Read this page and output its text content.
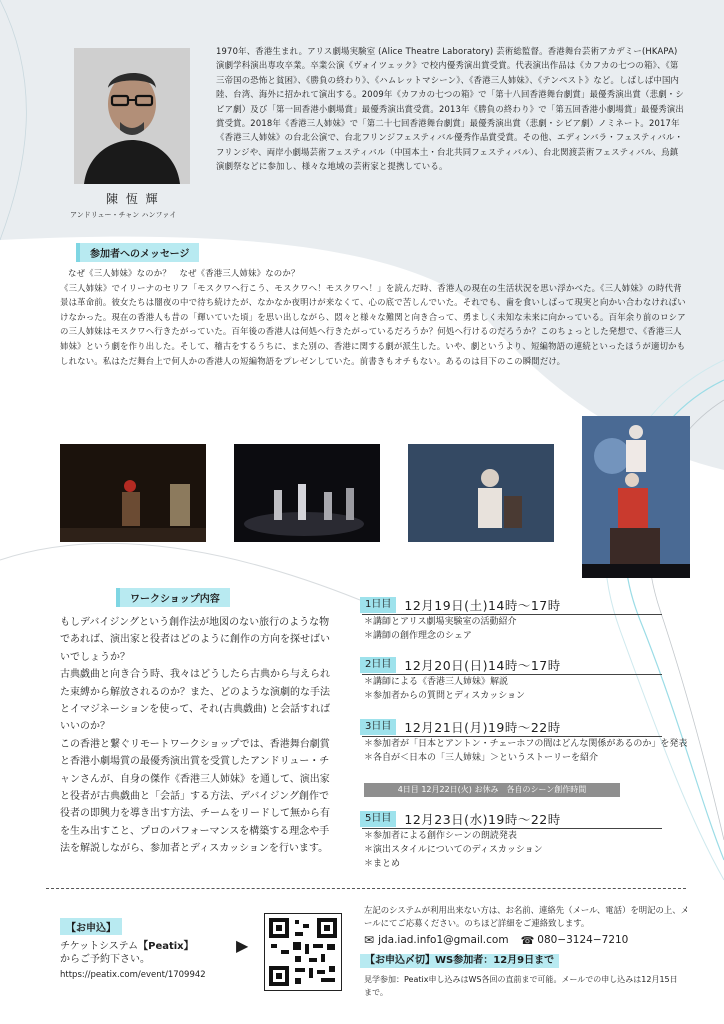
陳 恆 輝
アンドリュー・チャン ハンファイ
1970年、香港生まれ。アリス劇場実験室 (Alice Theatre Laboratory) 芸術総監督。香港舞台芸術アカデミー(HKAPA)演劇学科演出専攻卒業。卒業公演《ヴォイツェック》で校内優秀演出賞受賞。代表演出作品は《カフカの七つの箱》、《第三帝国の恐怖と貧困》、《勝負の終わり》、《ハムレットマシーン》、《香港三人姉妹》、《テンペスト》など。しばしば中国内陸、台湾、海外に招かれて演出する。2009年《カフカの七つの箱》で「第十八回香港舞台劇賞」最優秀演出賞（悲劇・シビア劇）及び「第一回香港小劇場賞」最優秀演出賞受賞。2013年《勝負の終わり》で「第五回香港小劇場賞」最優秀演出賞受賞。2018年《香港三人姉妹》で「第二十七回香港舞台劇賞」最優秀演出賞（悲劇・シビア劇）ノミネート。2017年《香港三人姉妹》の台北公演で、台北フリンジフェスティバル優秀作品賞受賞。その他、エディンバラ・フェスティバル・フリンジや、両岸小劇場芸術フェスティバル（中国本土・台北共同フェスティバル）、台北関渡芸術フェスティバル、烏鎮演劇祭などに参加し、様々な地域の芸術家と提携している。
参加者へのメッセージ

なぜ《三人姉妹》なのか？　なぜ《香港三人姉妹》なのか？

《三人姉妹》でイリーナのセリフ「モスクワへ行こう、モスクワへ！モスクワへ！」を読んだ時、香港人の現在の生活状況を思い浮かべた。《三人姉妹》の時代背景は革命前。彼女たちは闇夜の中で待ち続けたが、なかなか夜明けが来なくて、心の底で苦しんでいた。それでも、歯を食いしばって現実と向かい合わなければいけなかった。現在の香港人も昔の「輝いていた頃」を思い出しながら、悶々と様々な難関と向き合って、勇ましく未知な未来に向かっている。百年余り前のロシアの三人姉妹はモスクワへ行きたがっていた。百年後の香港人は何処へ行きたがっているだろうか？何処へ行けるのだろうか？このちょっとした発想で、《香港三人姉妹》という劇を作り出した。そして、稽古をするうちに、また別の、香港に関する劇が派生した。いや、劇というより、短編物語の連続といったほうが適切かもしれない。私はただ舞台上で何人かの香港人の短編物語をプレゼンしていた。前書きもオチもない。あるのは目下のこの瞬間だけ。

ワークショップ内容

もしデバイジングという創作法が地図のない旅行のような物であれば、演出家と役者はどのように創作の方向を探せばいいでしょうか？

古典戯曲と向き合う時、我々はどうしたら古典から与えられた束縛から解放されるのか？また、どのような演劇的な手法とイマジネーションを使って、それ(古典戯曲) と会話すればいいのか？

この香港と繋ぐリモートワークショップでは、香港舞台劇賞と香港小劇場賞の最優秀演出賞を受賞したアンドリュー・チャンさんが、自身の傑作《香港三人姉妹》を通して、演出家と役者が古典戯曲と「会話」する方法、デバイジング創作で役者の即興力を導き出す方法、チームをリードして無から有を生み出すこと、プロのパフォーマンスを構築する理念や手法を解説しながら、参加者とディスカッションを行います。

1日目	12月19日(土)14時～17時
＊講師とアリス劇場実験室の活動紹介
＊講師の創作理念のシェア
2日目	12月20日(日)14時～17時
＊講師による《香港三人姉妹》解説
＊参加者からの質問とディスカッション
3日目	12月21日(月)19時～22時
＊参加者が「日本とアントン・チェーホフの間はどんな関係があるのか」を発表
＊各自が＜日本の「三人姉妹」＞というストーリーを紹介
4日目 12月22日(火) お休み　各自のシーン創作時間
5日目	12月23日(水)19時～22時
＊参加者による創作シーンの朗読発表
＊演出スタイルについてのディスカッション
＊まとめ
【お申込】
チケットシステム【Peatix】
からご予約下さい。
https://peatix.com/event/1709942
▶
左記のシステムが利用出来ない方は、お名前、連絡先（メール、電話）を明記の上、メールにてご応募ください。のちほど詳細をご連絡致します。
✉ jda.iad.info1@gmail.com ☎ 080−3124−7210
【お申込〆切】WS参加者：12月9日まで
見学参加：Peatix申し込みはWS各回の直前まで可能。メールでの申し込みは12月15日まで。
